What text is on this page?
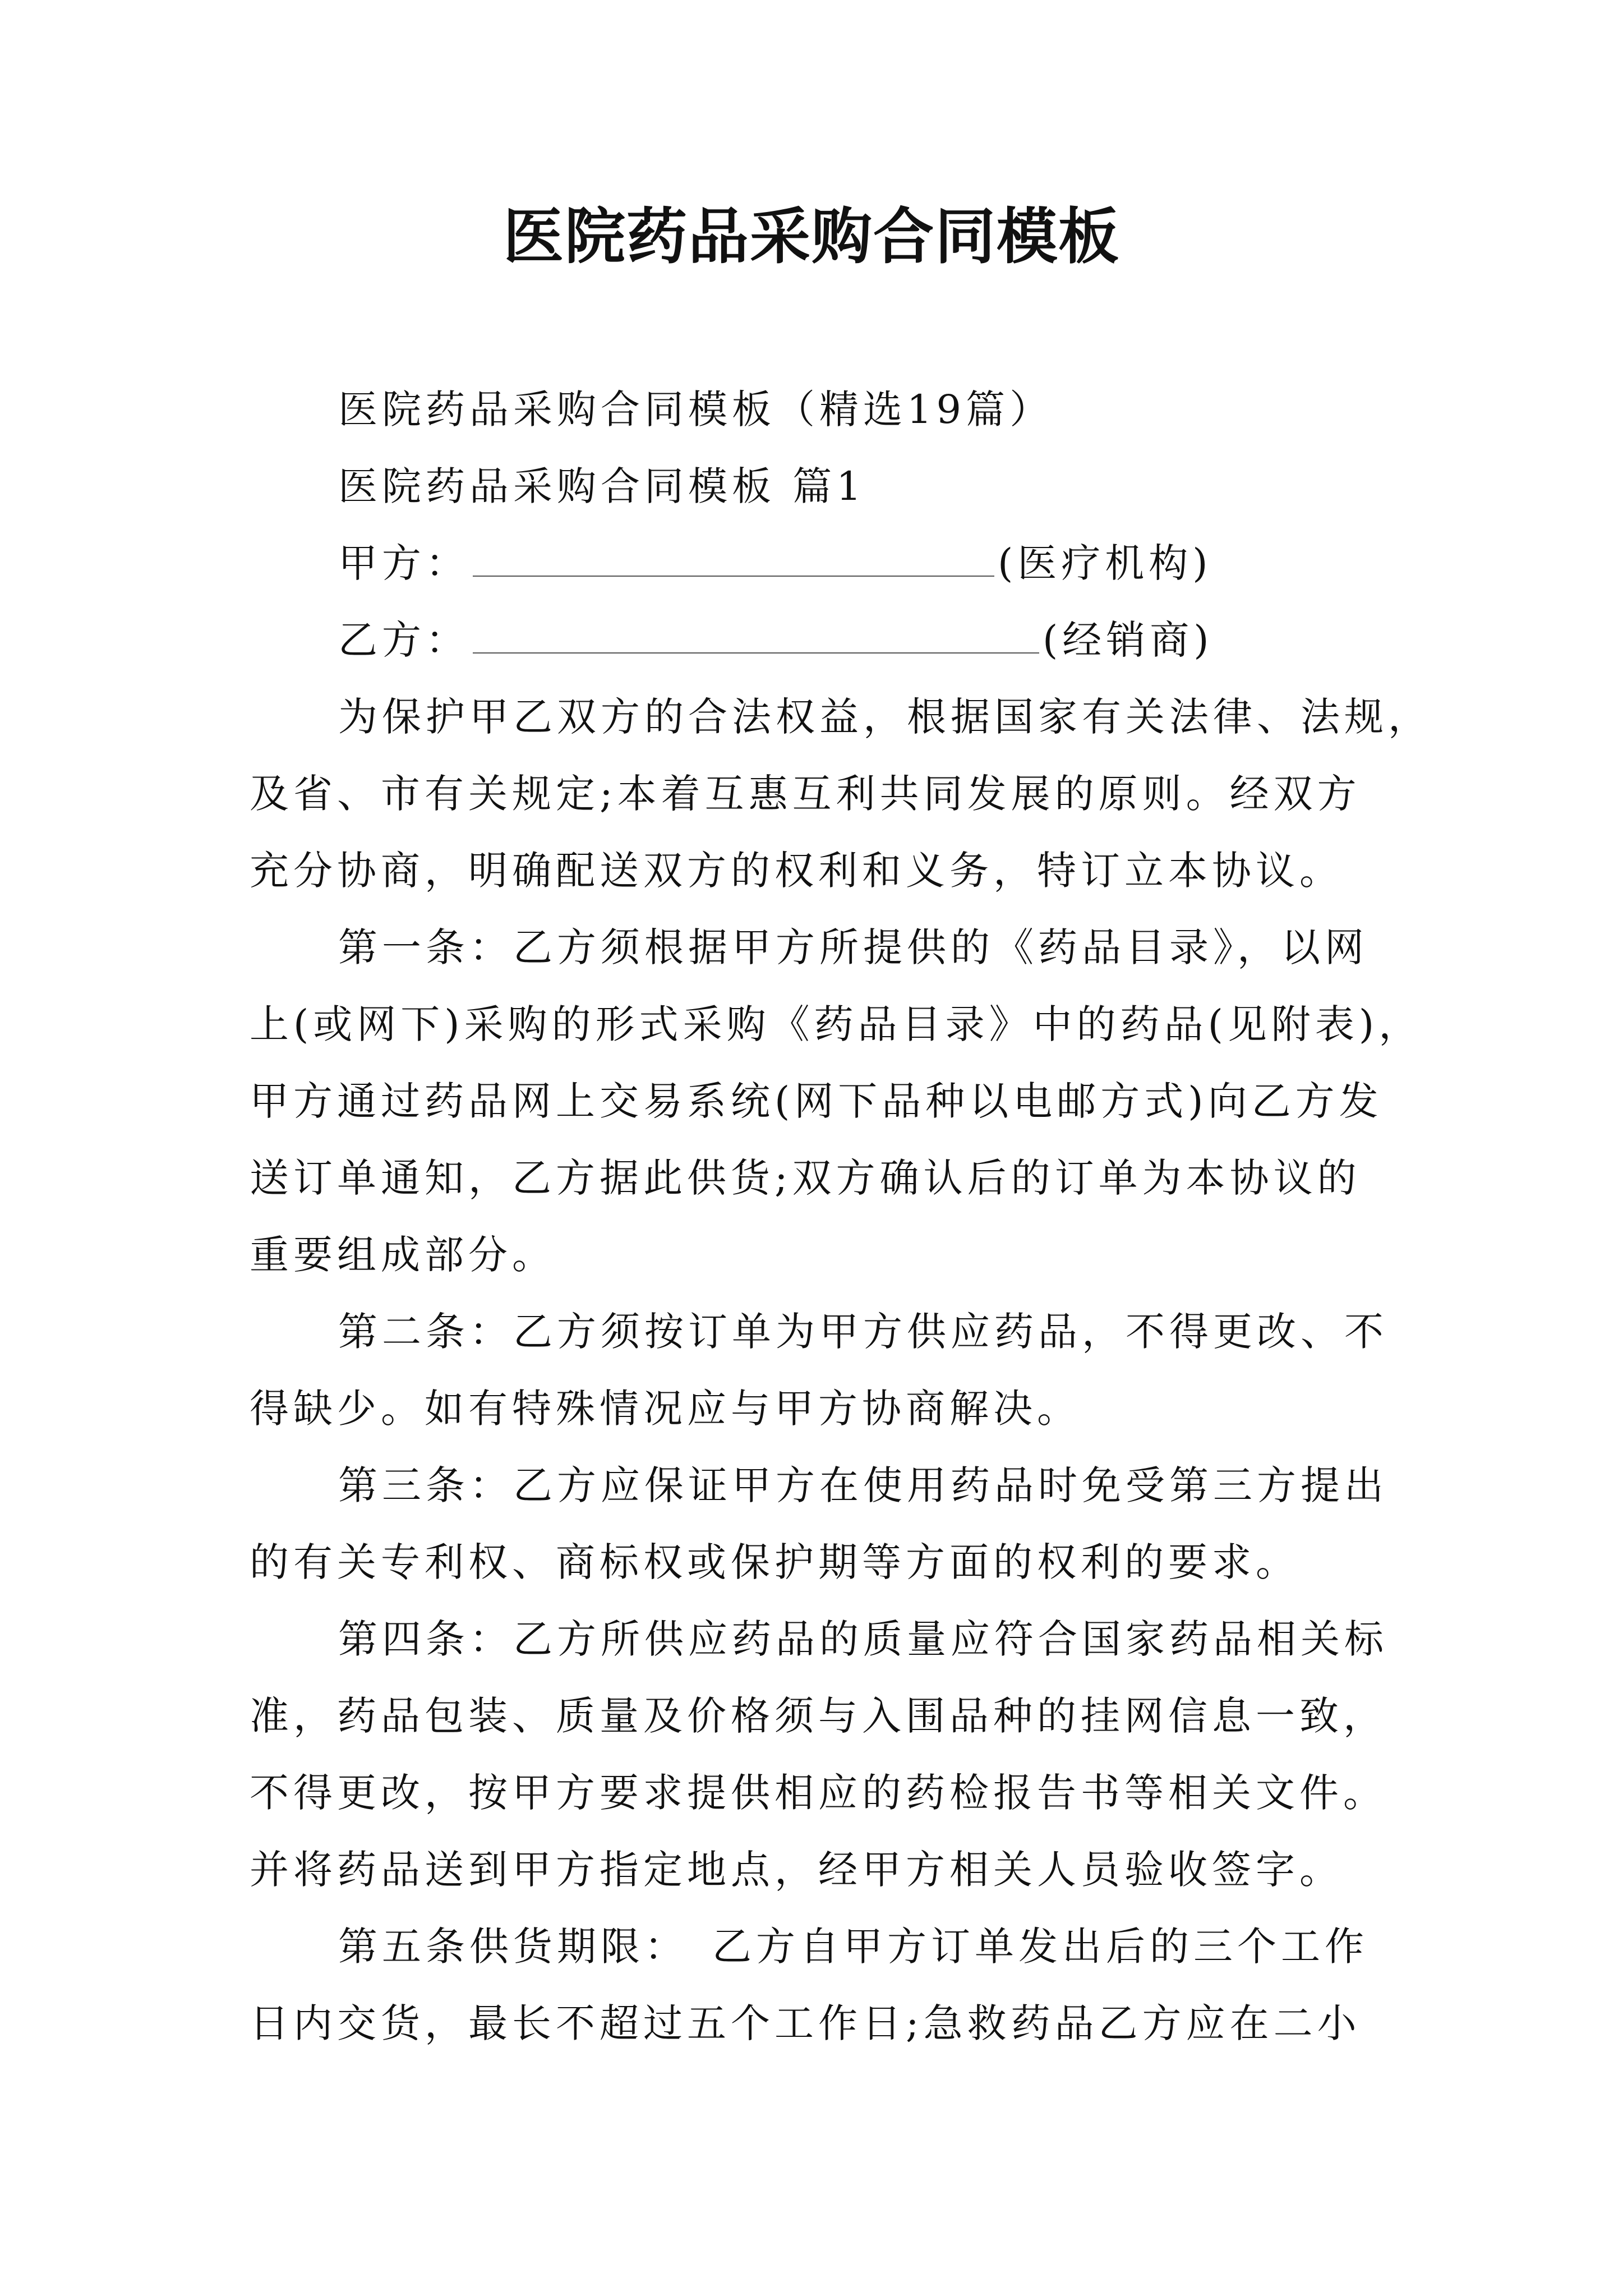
医院药品采购合同模板
医院药品采购合同模板（精选19篇）
医院药品采购合同模板 篇1
甲方：	(医疗机构)
乙方：	(经销商)
为保护甲乙双方的合法权益，根据国家有关法律、法规，
及省、市有关规定;本着互惠互利共同发展的原则。经双方
充分协商，明确配送双方的权利和义务，特订立本协议。
第一条：乙方须根据甲方所提供的《药品目录》，以网
上(或网下)采购的形式采购《药品目录》中的药品(见附表)，
甲方通过药品网上交易系统(网下品种以电邮方式)向乙方发
送订单通知，乙方据此供货;双方确认后的订单为本协议的
重要组成部分。
第二条：乙方须按订单为甲方供应药品，不得更改、不
得缺少。如有特殊情况应与甲方协商解决。
第三条：乙方应保证甲方在使用药品时免受第三方提出
的有关专利权、商标权或保护期等方面的权利的要求。
第四条：乙方所供应药品的质量应符合国家药品相关标
准，药品包装、质量及价格须与入围品种的挂网信息一致，
不得更改，按甲方要求提供相应的药检报告书等相关文件。
并将药品送到甲方指定地点，经甲方相关人员验收签字。
第五条供货期限：　乙方自甲方订单发出后的三个工作
日内交货，最长不超过五个工作日;急救药品乙方应在二小
